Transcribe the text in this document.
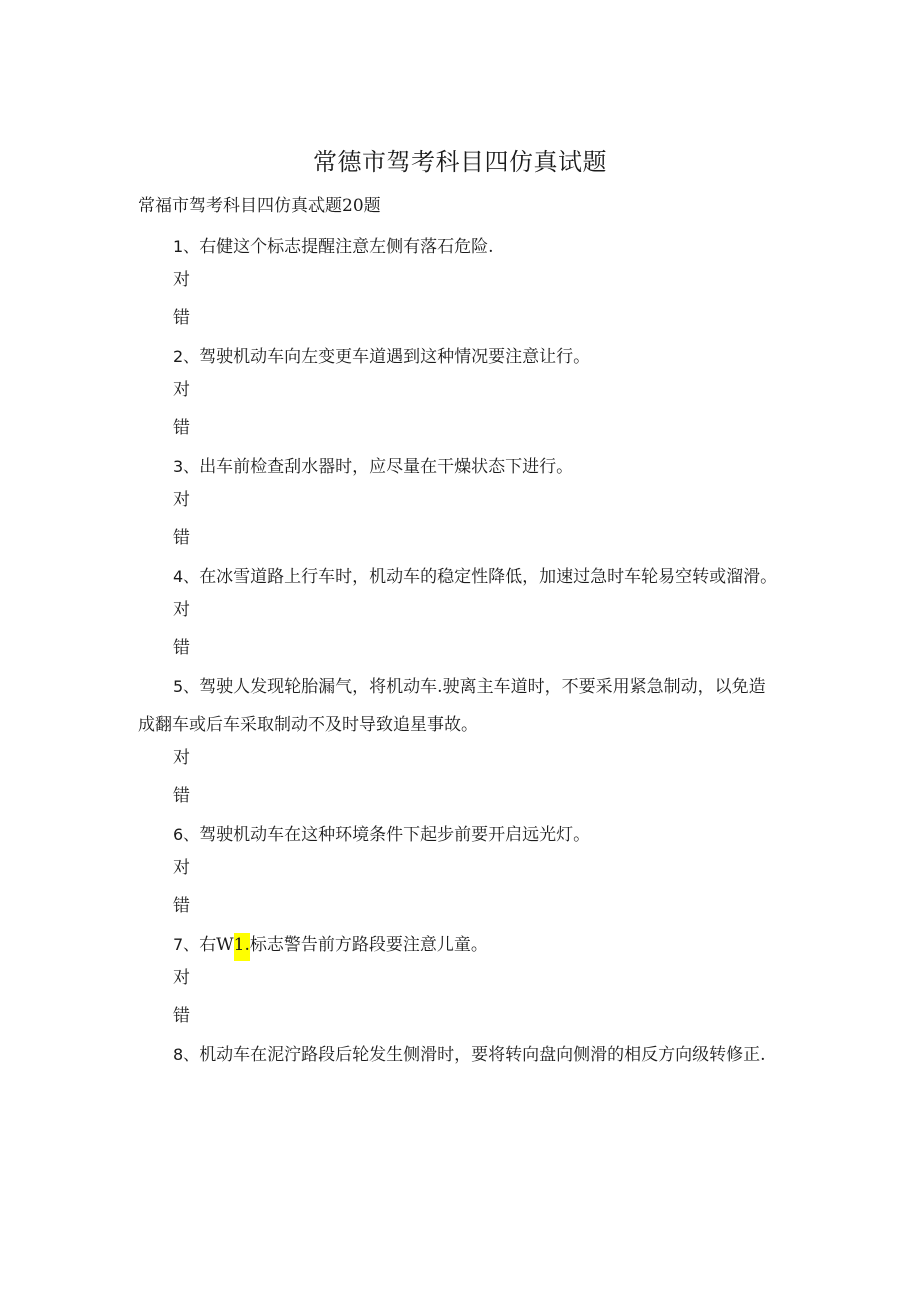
常德市驾考科目四仿真试题
常福市驾考科目四仿真忒题20题

1、右健这个标志提醒注意左侧有落石危险.

对

错

2、驾驶机动车向左变更车道遇到这种情况要注意让行。

对

错

3、出车前检查刮水器时，应尽量在干燥状态下进行。

对

错

4、在冰雪道路上行车时，机动车的稳定性降低，加速过急时车轮易空转或溜滑。

对

错

5、驾驶人发现轮胎漏气，将机动车.驶离主车道时，不要采用紧急制动，以免造成翻车或后车采取制动不及时导致追星事故。

对

错

6、驾驶机动车在这种环境条件下起步前要开启远光灯。

对

错

7、右W1.标志警告前方路段要注意儿童。

对

错

8、机动车在泥泞路段后轮发生侧滑时，要将转向盘向侧滑的相反方向级转修正.
